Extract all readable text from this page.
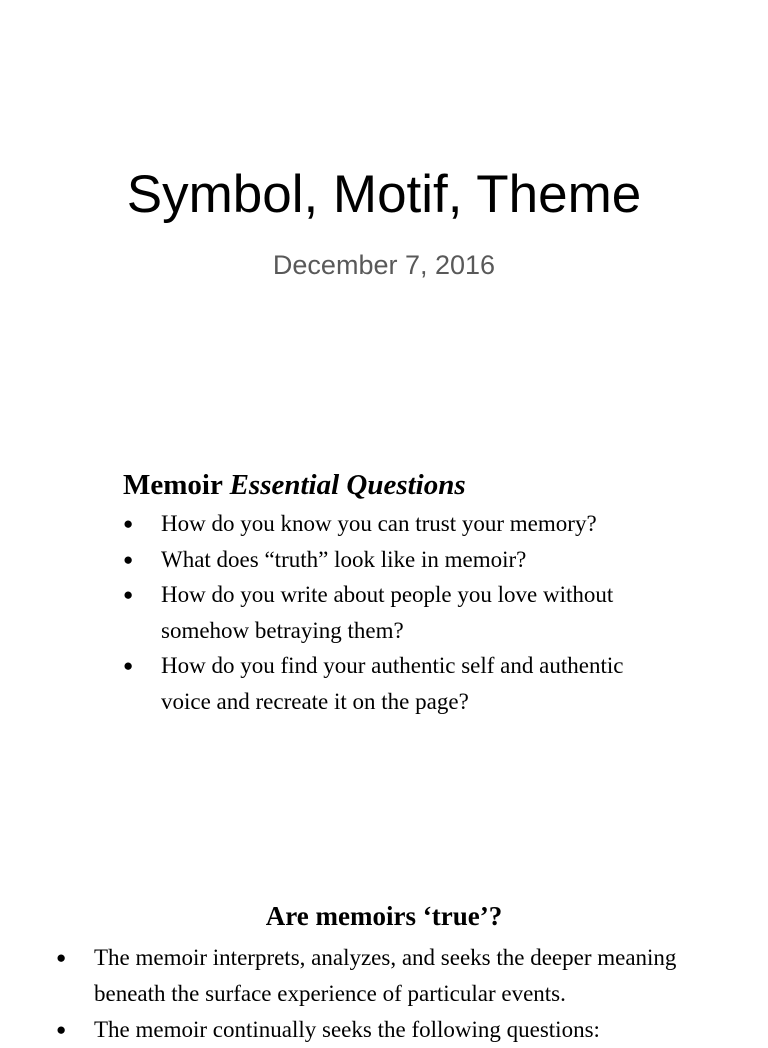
Symbol, Motif, Theme
December 7, 2016
Memoir Essential Questions
●	How do you know you can trust your memory?
●	What does “truth” look like in memoir?
●	How do you write about people you love without somehow betraying them?
●	How do you find your authentic self and authentic voice and recreate it on the page?
Are memoirs ‘true’?
●	The memoir interprets, analyzes, and seeks the deeper meaning beneath the surface experience of particular events.
●	The memoir continually seeks the following questions:
